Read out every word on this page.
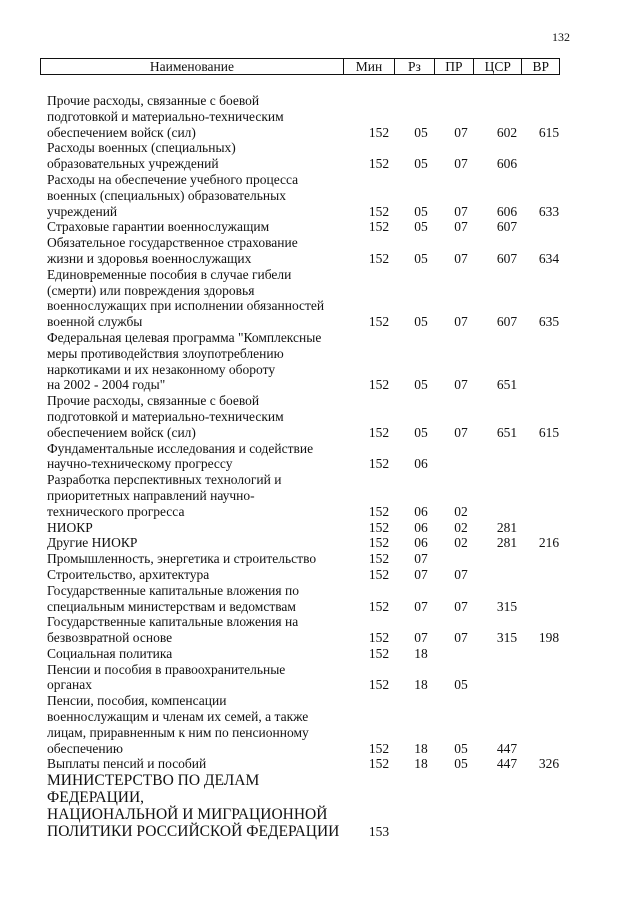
132
Наименование	Мин	Рз	ПР	ЦСР	ВР
Прочие расходы, связанные с боевой
подготовкой и материально-техническим
обеспечением войск (сил)	152	05	07	602	615
Расходы военных (специальных)
образовательных учреждений	152	05	07	606
Расходы на обеспечение учебного процесса
военных (специальных) образовательных
учреждений	152	05	07	606	633
Страховые гарантии военнослужащим	152	05	07	607
Обязательное государственное страхование
жизни и здоровья военнослужащих	152	05	07	607	634
Единовременные пособия в случае гибели
(смерти) или повреждения здоровья
военнослужащих при исполнении обязанностей
военной службы	152	05	07	607	635
Федеральная целевая программа "Комплексные
меры противодействия злоупотреблению
наркотиками и их незаконному обороту
на 2002 - 2004 годы"	152	05	07	651
Прочие расходы, связанные с боевой
подготовкой и материально-техническим
обеспечением войск (сил)	152	05	07	651	615
Фундаментальные исследования и содействие
научно-техническому прогрессу	152	06
Разработка перспективных технологий и
приоритетных направлений научно-
технического прогресса	152	06	02
НИОКР	152	06	02	281
Другие НИОКР	152	06	02	281	216
Промышленность, энергетика и строительство	152	07
Строительство, архитектура	152	07	07
Государственные капитальные вложения по
специальным министерствам и ведомствам	152	07	07	315
Государственные капитальные вложения на
безвозвратной основе	152	07	07	315	198
Социальная политика	152	18
Пенсии и пособия в правоохранительные
органах	152	18	05
Пенсии, пособия, компенсации
военнослужащим и членам их семей, а также
лицам, приравненным к ним по пенсионному
обеспечению	152	18	05	447
Выплаты пенсий и пособий	152	18	05	447	326
МИНИСТЕРСТВО ПО ДЕЛАМ ФЕДЕРАЦИИ,
НАЦИОНАЛЬНОЙ И МИГРАЦИОННОЙ
ПОЛИТИКИ РОССИЙСКОЙ ФЕДЕРАЦИИ	153
